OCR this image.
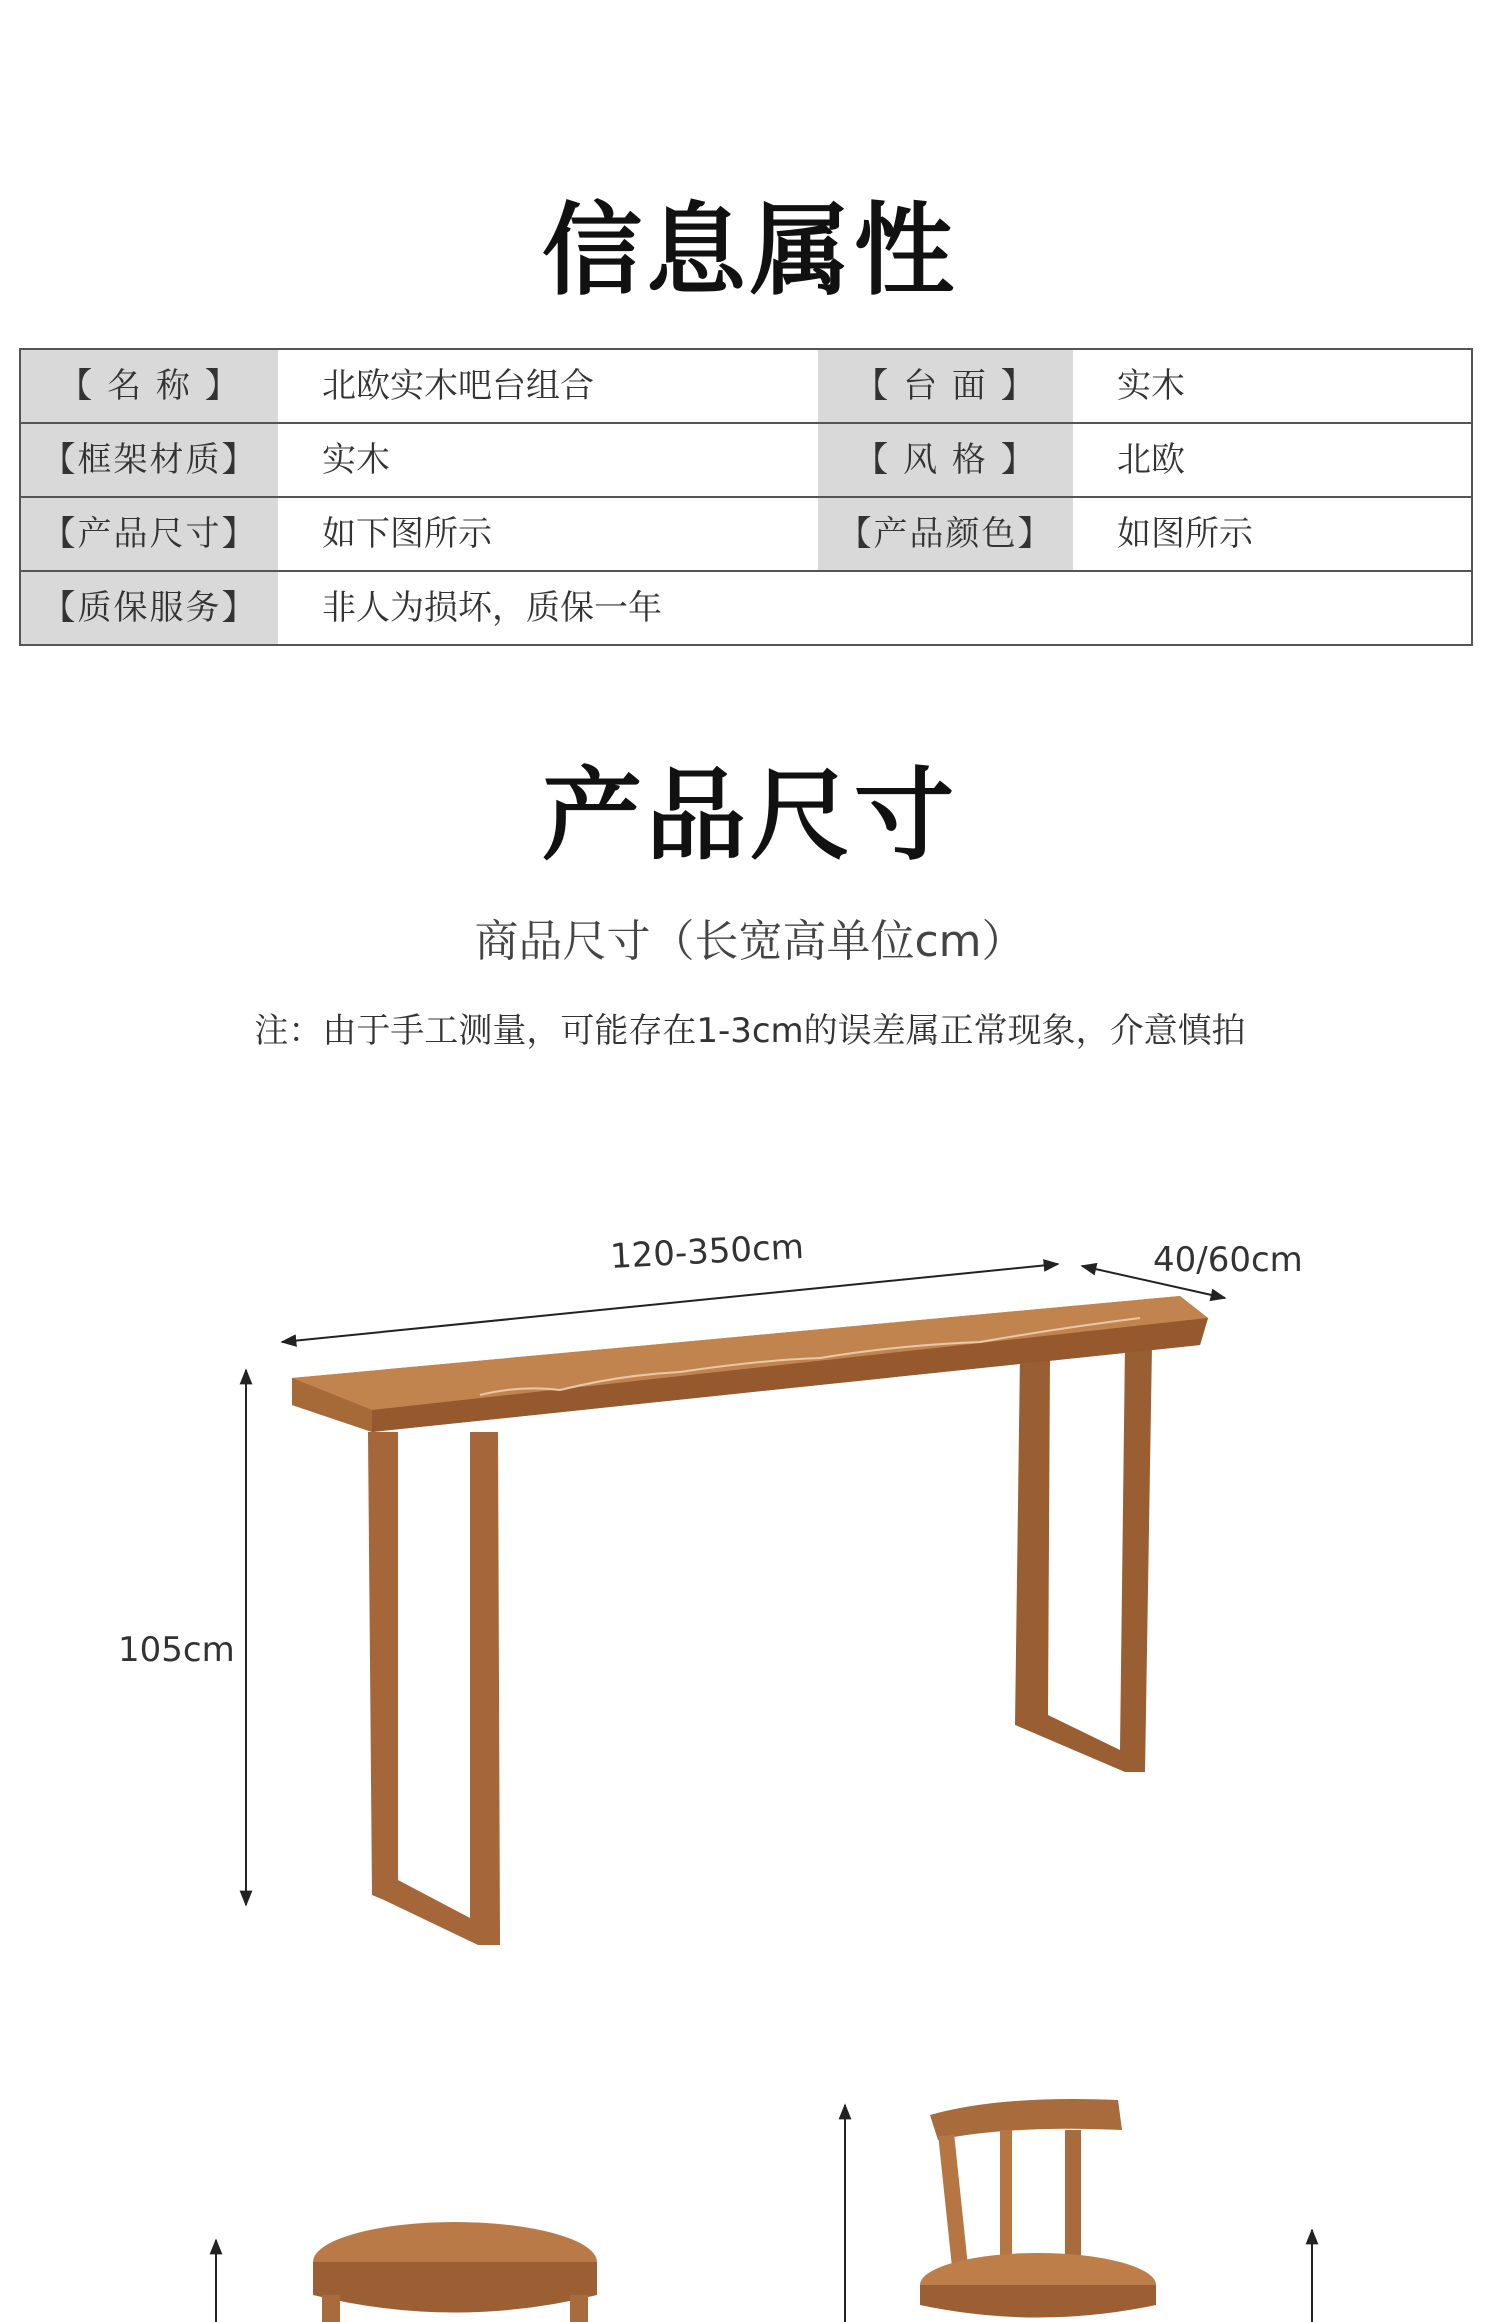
信息属性
【 名 称 】	北欧实木吧台组合	【 台 面 】	实木
【框架材质】	实木	【 风 格 】	北欧
【产品尺寸】	如下图所示	【产品颜色】	如图所示
【质保服务】	非人为损坏，质保一年
产品尺寸
商品尺寸（长宽高单位cm）
注：由于手工测量，可能存在1-3cm的误差属正常现象，介意慎拍
120-350cm	40/60cm
105cm
